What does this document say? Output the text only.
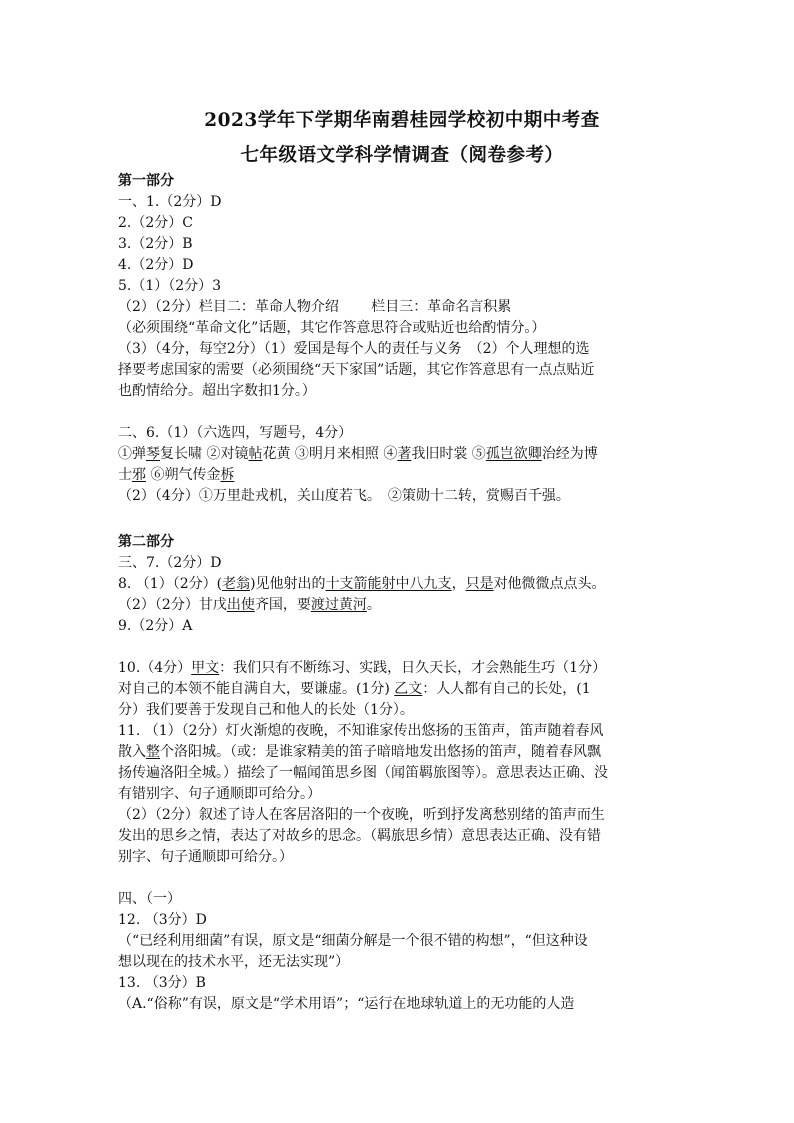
2023学年下学期华南碧桂园学校初中期中考查
七年级语文学科学情调查（阅卷参考）
第一部分
一、1.（2分）D
2.（2分）C
3.（2分）B
4.（2分）D
5.（1）（2分）3
（2）（2分）栏目二：革命人物介绍　　 栏目三：革命名言积累
（必须围绕“革命文化”话题，其它作答意思符合或贴近也给酌情分。）
（3）（4分，每空2分）（1）爱国是每个人的责任与义务　（2）个人理想的选
择要考虑国家的需要（必须围绕“天下家国”话题，其它作答意思有一点点贴近
也酌情给分。超出字数扣1分。）
二、6.（1）（六选四，写题号，4分）
①弹琴复长啸 ②对镜帖花黄 ③明月来相照 ④著我旧时裳 ⑤孤岂欲卿治经为博
士邪 ⑥朔气传金柝
（2）（4分）①万里赴戎机，关山度若飞。　②策勋十二转，赏赐百千强。
第二部分
三、7.（2分）D
8. （1）（2分）(老翁)见他射出的十支箭能射中八九支，只是对他微微点点头。
（2）（2分）甘戊出使齐国，要渡过黄河。
9.（2分）A
10.（4分）甲文：我们只有不断练习、实践，日久天长，才会熟能生巧（1分）
对自己的本领不能自满自大，要谦虚。(1分) 乙文：人人都有自己的长处，(1
分）我们要善于发现自己和他人的长处（1分）。
11. （1）（2分）灯火渐熄的夜晚，不知谁家传出悠扬的玉笛声，笛声随着春风
散入整个洛阳城。（或：是谁家精美的笛子暗暗地发出悠扬的笛声，随着春风飘
扬传遍洛阳全城。）描绘了一幅闻笛思乡图（闻笛羁旅图等）。意思表达正确、没
有错别字、句子通顺即可给分。）
（2）（2分）叙述了诗人在客居洛阳的一个夜晚，听到抒发离愁别绪的笛声而生
发出的思乡之情，表达了对故乡的思念。（羁旅思乡情）意思表达正确、没有错
别字、句子通顺即可给分。）
四、（一）
12. （3分）D
（“已经利用细菌”有误，原文是“细菌分解是一个很不错的构想”，“但这种设
想以现在的技术水平，还无法实现”）
13. （3分）B
（A.“俗称”有误，原文是“学术用语”；“运行在地球轨道上的无功能的人造
